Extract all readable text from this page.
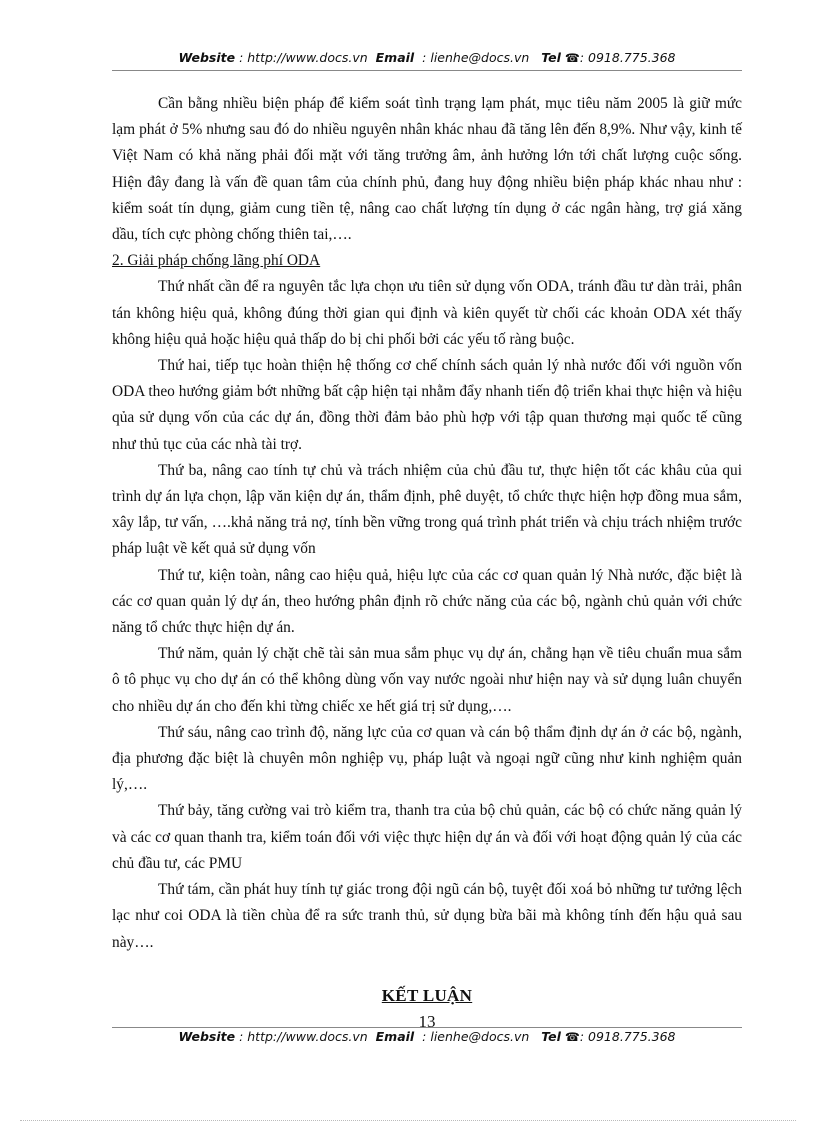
Website : http://www.docs.vn Email : lienhe@docs.vn Tel ☎: 0918.775.368

Cần bằng nhiều biện pháp để kiểm soát tình trạng lạm phát, mục tiêu năm 2005 là giữ mức lạm phát ở 5% nhưng sau đó do nhiều nguyên nhân khác nhau đã tăng lên đến 8,9%. Như vậy, kinh tế Việt Nam có khả năng phải đối mặt với tăng trưởng âm, ảnh hưởng lớn tới chất lượng cuộc sống. Hiện đây đang là vấn đề quan tâm của chính phủ, đang huy động nhiều biện pháp khác nhau như : kiểm soát tín dụng, giảm cung tiền tệ, nâng cao chất lượng tín dụng ở các ngân hàng, trợ giá xăng dầu, tích cực phòng chống thiên tai,….

2. Giải pháp chống lãng phí ODA

Thứ nhất cần để ra nguyên tắc lựa chọn ưu tiên sử dụng vốn ODA, tránh đầu tư dàn trải, phân tán không hiệu quả, không đúng thời gian qui định và kiên quyết từ chối các khoản ODA xét thấy không hiệu quả hoặc hiệu quả thấp do bị chi phối bởi các yếu tố ràng buộc.

Thứ hai, tiếp tục hoàn thiện hệ thống cơ chế chính sách quản lý nhà nước đối với nguồn vốn ODA theo hướng giảm bớt những bất cập hiện tại nhằm đẩy nhanh tiến độ triển khai thực hiện và hiệu qủa sử dụng vốn của các dự án, đồng thời đảm bảo phù hợp với tập quan thương mại quốc tế cũng như thủ tục của các nhà tài trợ.

Thứ ba, nâng cao tính tự chủ và trách nhiệm của chủ đầu tư, thực hiện tốt các khâu của qui trình dự án lựa chọn, lập văn kiện dự án, thẩm định, phê duyệt, tổ chức thực hiện hợp đồng mua sắm, xây lắp, tư vấn, ….khả năng trả nợ, tính bền vững trong quá trình phát triển và chịu trách nhiệm trước pháp luật về kết quả sử dụng vốn

Thứ tư, kiện toàn, nâng cao hiệu quả, hiệu lực của các cơ quan quản lý Nhà nước, đặc biệt là các cơ quan quản lý dự án, theo hướng phân định rõ chức năng của các bộ, ngành chủ quản với chức năng tổ chức thực hiện dự án.

Thứ năm, quản lý chặt chẽ tài sản mua sắm phục vụ dự án, chẳng hạn về tiêu chuẩn mua sắm ô tô phục vụ cho dự án có thể không dùng vốn vay nước ngoài như hiện nay và sử dụng luân chuyển cho nhiều dự án cho đến khi từng chiếc xe hết giá trị sử dụng,….

Thứ sáu, nâng cao trình độ, năng lực của cơ quan và cán bộ thẩm định dự án ở các bộ, ngành, địa phương đặc biệt là chuyên môn nghiệp vụ, pháp luật và ngoại ngữ cũng như kinh nghiệm quản lý,….

Thứ bảy, tăng cường vai trò kiểm tra, thanh tra của bộ chủ quản, các bộ có chức năng quản lý và các cơ quan thanh tra, kiểm toán đối với việc thực hiện dự án và đối với hoạt động quản lý của các chủ đầu tư, các PMU

Thứ tám, cần phát huy tính tự giác trong đội ngũ cán bộ, tuyệt đối xoá bỏ những tư tưởng lệch lạc như coi ODA là tiền chùa để ra sức tranh thủ, sử dụng bừa bãi mà không tính đến hậu quả sau này….

KẾT LUẬN
13
Website : http://www.docs.vn Email : lienhe@docs.vn Tel ☎: 0918.775.368
